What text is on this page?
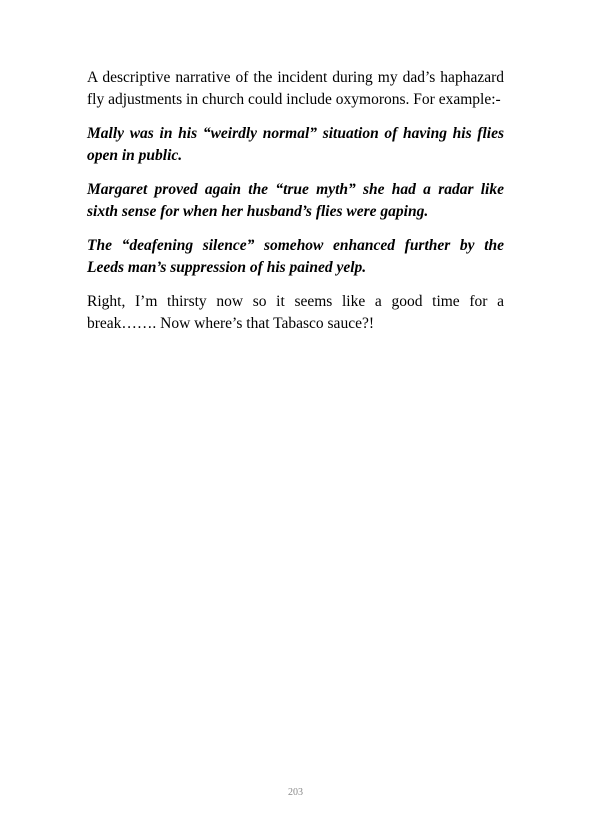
A descriptive narrative of the incident during my dad’s haphazard fly adjustments in church could include oxymorons. For example:-

Mally was in his “weirdly normal” situation of having his flies open in public.

Margaret proved again the “true myth” she had a radar like sixth sense for when her husband’s flies were gaping.

The “deafening silence” somehow enhanced further by the Leeds man’s suppression of his pained yelp.

Right, I’m thirsty now so it seems like a good time for a break……. Now where’s that Tabasco sauce?!

203
